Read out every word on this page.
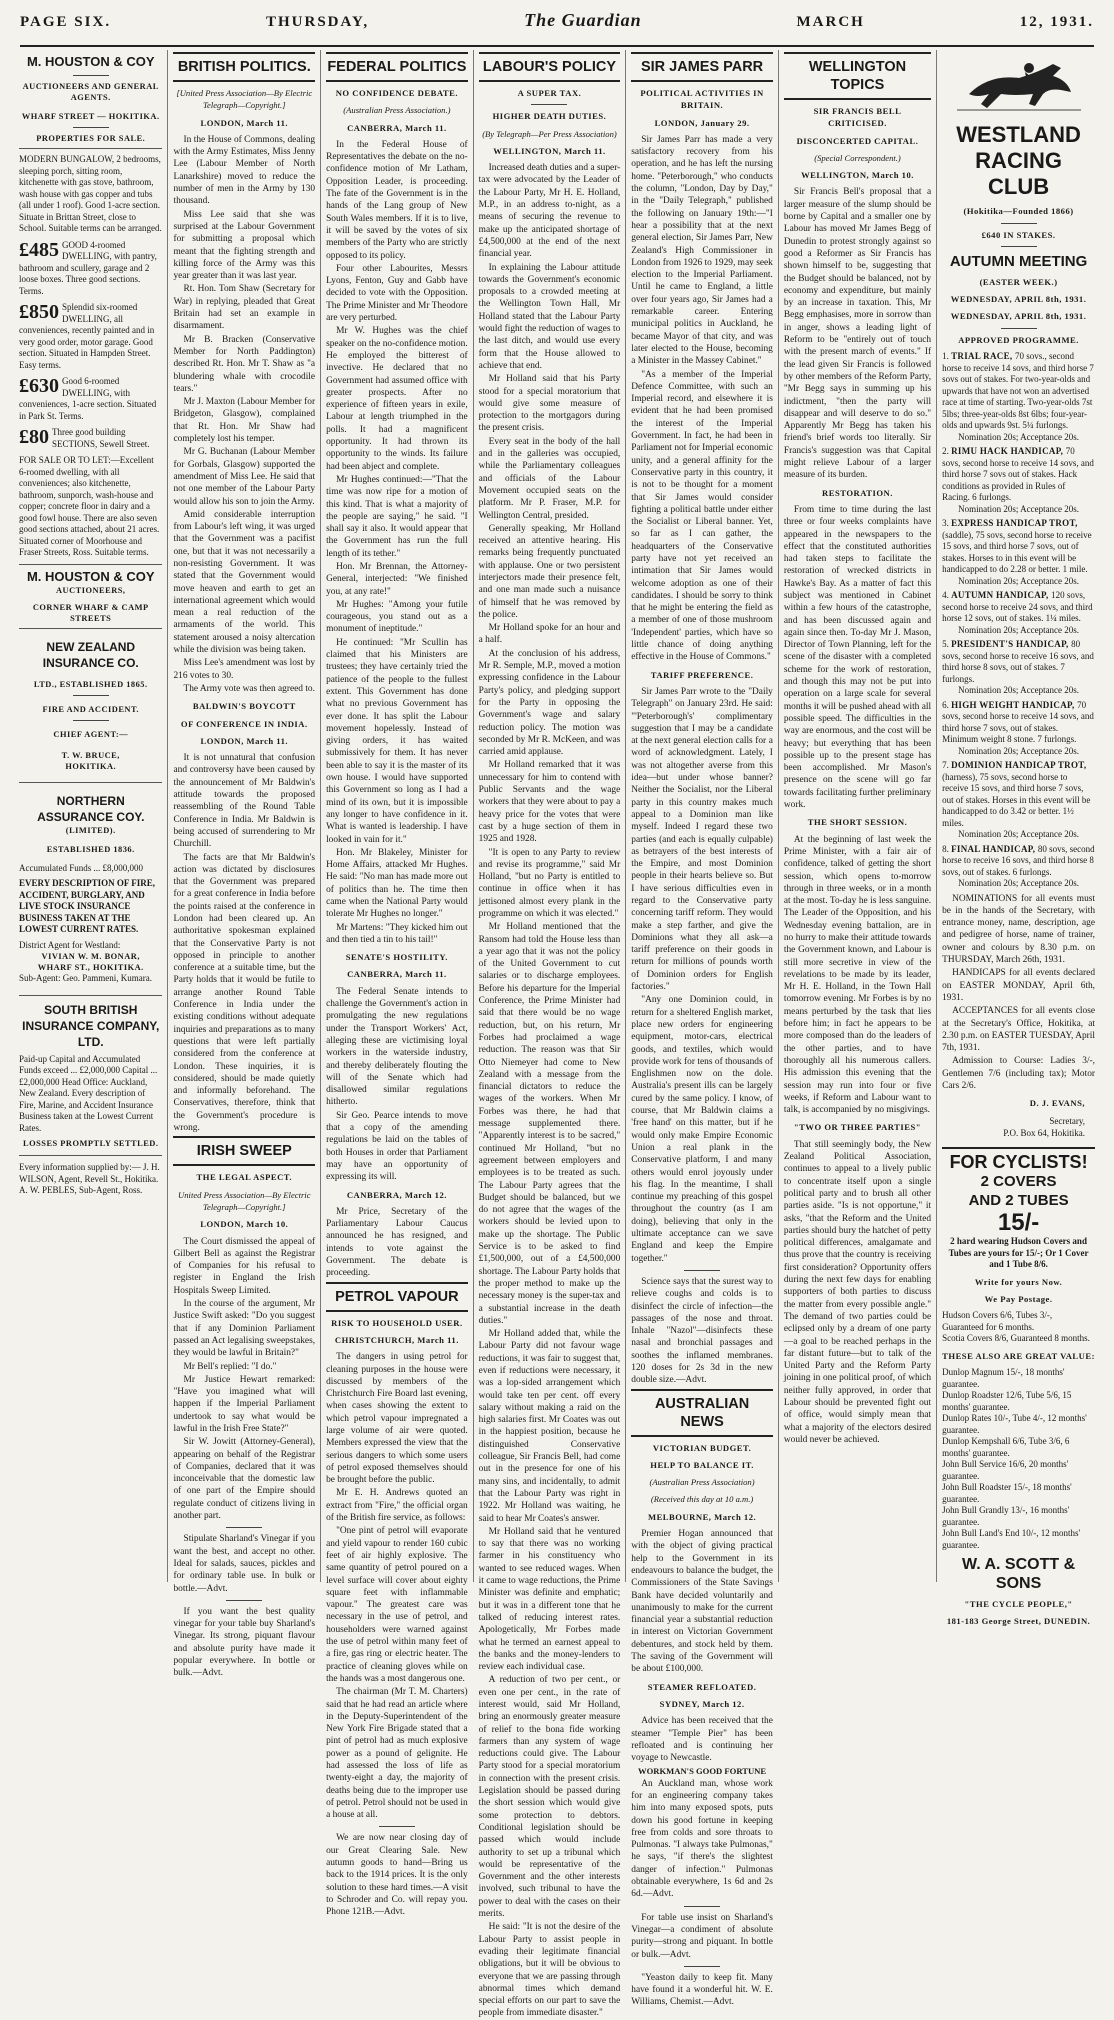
PAGE SIX.	THURSDAY,	The Guardian	MARCH	12, 1931.
M. HOUSTON & COY
AUCTIONEERS AND GENERAL AGENTS.
WHARF STREET — HOKITIKA.
PROPERTIES FOR SALE.
MODERN BUNGALOW, 2 bedrooms, sleeping porch, sitting room, kitchenette with gas stove, bathroom, wash house with gas copper and tubs (all under 1 roof). Good 1-acre section. Situate in Brittan Street, close to School. Suitable terms can be arranged.
£485 GOOD 4-roomed DWELLING, with pantry, bathroom and scullery, garage and 2 loose boxes. Three good sections. Terms.
£850 Splendid six-roomed DWELLING, all conveniences, recently painted and in very good order, motor garage. Good section. Situated in Hampden Street. Easy terms.
£630 Good 6-roomed DWELLING, with conveniences, 1-acre section. Situated in Park St. Terms.
£80 Three good building SECTIONS, Sewell Street.
FOR SALE OR TO LET:—Excellent 6-roomed dwelling, with all conveniences; also kitchenette, bathroom, sunporch, wash-house and copper; concrete floor in dairy and a good fowl house. There are also seven good sections attached, about 21 acres. Situated corner of Moorhouse and Fraser Streets, Ross. Suitable terms.
M. HOUSTON & COY
AUCTIONEERS,
CORNER WHARF & CAMP STREETS
NEW ZEALAND INSURANCE CO.
LTD., ESTABLISHED 1865.
FIRE AND ACCIDENT.
CHIEF AGENT:—
T. W. BRUCE,
HOKITIKA.
NORTHERN ASSURANCE COY.
(LIMITED).
ESTABLISHED 1836.
Accumulated Funds ... £8,000,000
EVERY DESCRIPTION OF FIRE, ACCIDENT, BURGLARY, AND LIVE STOCK INSURANCE BUSINESS TAKEN AT THE LOWEST CURRENT RATES.
District Agent for Westland:
VIVIAN W. M. BONAR,
WHARF ST., HOKITIKA.
Sub-Agent: Geo. Pammeni, Kumara.
SOUTH BRITISH INSURANCE COMPANY, LTD.
Paid-up Capital and Accumulated Funds exceed ... £2,000,000 Capital ... £2,000,000 Head Office: Auckland, New Zealand. Every description of Fire, Marine, and Accident Insurance Business taken at the Lowest Current Rates.
LOSSES PROMPTLY SETTLED.
Every information supplied by:— J. H. WILSON, Agent, Revell St., Hokitika. A. W. PEBLES, Sub-Agent, Ross.
BRITISH POLITICS.
[United Press Association—By Electric Telegraph—Copyright.]
LONDON, March 11.

In the House of Commons, dealing with the Army Estimates, Miss Jenny Lee (Labour Member of North Lanarkshire) moved to reduce the number of men in the Army by 130 thousand.

Miss Lee said that she was surprised at the Labour Government for submitting a proposal which meant that the fighting strength and killing force of the Army was this year greater than it was last year.

Rt. Hon. Tom Shaw (Secretary for War) in replying, pleaded that Great Britain had set an example in disarmament.

Mr B. Bracken (Conservative Member for North Paddington) described Rt. Hon. Mr T. Shaw as "a blundering whale with crocodile tears."

Mr J. Maxton (Labour Member for Bridgeton, Glasgow), complained that Rt. Hon. Mr Shaw had completely lost his temper.

Mr G. Buchanan (Labour Member for Gorbals, Glasgow) supported the amendment of Miss Lee. He said that not one member of the Labour Party would allow his son to join the Army.

Amid considerable interruption from Labour's left wing, it was urged that the Government was a pacifist one, but that it was not necessarily a non-resisting Government. It was stated that the Government would move heaven and earth to get an international agreement which would mean a real reduction of the armaments of the world. This statement aroused a noisy altercation while the division was being taken.

Miss Lee's amendment was lost by 216 votes to 30.

The Army vote was then agreed to.

BALDWIN'S BOYCOTT
OF CONFERENCE IN INDIA.
LONDON, March 11.

It is not unnatural that confusion and controversy have been caused by the announcement of Mr Baldwin's attitude towards the proposed reassembling of the Round Table Conference in India. Mr Baldwin is being accused of surrendering to Mr Churchill.

The facts are that Mr Baldwin's action was dictated by disclosures that the Government was prepared for a great conference in India before the points raised at the conference in London had been cleared up. An authoritative spokesman explained that the Conservative Party is not opposed in principle to another conference at a suitable time, but the Party holds that it would be futile to arrange another Round Table Conference in India under the existing conditions without adequate inquiries and preparations as to many questions that were left partially considered from the conference at London. These inquiries, it is considered, should be made quietly and informally beforehand. The Conservatives, therefore, think that the Government's procedure is wrong.

IRISH SWEEP
THE LEGAL ASPECT.
United Press Association—By Electric Telegraph—Copyright.]
LONDON, March 10.

The Court dismissed the appeal of Gilbert Bell as against the Registrar of Companies for his refusal to register in England the Irish Hospitals Sweep Limited.

In the course of the argument, Mr Justice Swift asked: "Do you suggest that if any Dominion Parliament passed an Act legalising sweepstakes, they would be lawful in Britain?"

Mr Bell's replied: "I do."

Mr Justice Hewart remarked: "Have you imagined what will happen if the Imperial Parliament undertook to say what would be lawful in the Irish Free State?"

Sir W. Jowitt (Attorney-General), appearing on behalf of the Registrar of Companies, declared that it was inconceivable that the domestic law of one part of the Empire should regulate conduct of citizens living in another part.

Stipulate Sharland's Vinegar if you want the best, and accept no other. Ideal for salads, sauces, pickles and for ordinary table use. In bulk or bottle.—Advt.

If you want the best quality vinegar for your table buy Sharland's Vinegar. Its strong, piquant flavour and absolute purity have made it popular everywhere. In bottle or bulk.—Advt.

FEDERAL POLITICS
NO CONFIDENCE DEBATE.
(Australian Press Association.)
CANBERRA, March 11.

In the Federal House of Representatives the debate on the no-confidence motion of Mr Latham, Opposition Leader, is proceeding. The fate of the Government is in the hands of the Lang group of New South Wales members. If it is to live, it will be saved by the votes of six members of the Party who are strictly opposed to its policy.

Four other Labourites, Messrs Lyons, Fenton, Guy and Gabb have decided to vote with the Opposition. The Prime Minister and Mr Theodore are very perturbed.

Mr W. Hughes was the chief speaker on the no-confidence motion. He employed the bitterest of invective. He declared that no Government had assumed office with greater prospects. After no experience of fifteen years in exile, Labour at length triumphed in the polls. It had a magnificent opportunity. It had thrown its opportunity to the winds. Its failure had been abject and complete.

Mr Hughes continued:—"That the time was now ripe for a motion of this kind. That is what a majority of the people are saying," he said. "I shall say it also. It would appear that the Government has run the full length of its tether."

Hon. Mr Brennan, the Attorney-General, interjected: "We finished you, at any rate!"

Mr Hughes: "Among your futile courageous, you stand out as a monument of ineptitude."

He continued: "Mr Scullin has claimed that his Ministers are trustees; they have certainly tried the patience of the people to the fullest extent. This Government has done what no previous Government has ever done. It has split the Labour movement hopelessly. Instead of giving orders, it has waited submissively for them. It has never been able to say it is the master of its own house. I would have supported this Government so long as I had a mind of its own, but it is impossible any longer to have confidence in it. What is wanted is leadership. I have looked in vain for it."

Hon. Mr Blakeley, Minister for Home Affairs, attacked Mr Hughes. He said: "No man has made more out of politics than he. The time then came when the National Party would tolerate Mr Hughes no longer."

Mr Martens: "They kicked him out and then tied a tin to his tail!"

SENATE'S HOSTILITY.
CANBERRA, March 11.

The Federal Senate intends to challenge the Government's action in promulgating the new regulations under the Transport Workers' Act, alleging these are victimising loyal workers in the waterside industry, and thereby deliberately flouting the will of the Senate which had disallowed similar regulations hitherto.

Sir Geo. Pearce intends to move that a copy of the amending regulations be laid on the tables of both Houses in order that Parliament may have an opportunity of expressing its will.

CANBERRA, March 12.

Mr Price, Secretary of the Parliamentary Labour Caucus announced he has resigned, and intends to vote against the Government. The debate is proceeding.

PETROL VAPOUR
RISK TO HOUSEHOLD USER.
CHRISTCHURCH, March 11.

The dangers in using petrol for cleaning purposes in the house were discussed by members of the Christchurch Fire Board last evening, when cases showing the extent to which petrol vapour impregnated a large volume of air were quoted. Members expressed the view that the serious dangers to which some users of petrol exposed themselves should be brought before the public.

Mr E. H. Andrews quoted an extract from "Fire," the official organ of the British fire service, as follows:

"One pint of petrol will evaporate and yield vapour to render 160 cubic feet of air highly explosive. The same quantity of petrol poured on a level surface will cover about eighty square feet with inflammable vapour." The greatest care was necessary in the use of petrol, and householders were warned against the use of petrol within many feet of a fire, gas ring or electric heater. The practice of cleaning gloves while on the hands was a most dangerous one.

The chairman (Mr T. M. Charters) said that he had read an article where in the Deputy-Superintendent of the New York Fire Brigade stated that a pint of petrol had as much explosive power as a pound of gelignite. He had assessed the loss of life as twenty-eight a day, the majority of deaths being due to the improper use of petrol. Petrol should not be used in a house at all.

We are now near closing day of our Great Clearing Sale. New autumn goods to hand—Bring us back to the 1914 prices. It is the only solution to these hard times.—A visit to Schroder and Co. will repay you. Phone 121B.—Advt.

LABOUR'S POLICY
A SUPER TAX.
HIGHER DEATH DUTIES.
(By Telegraph—Per Press Association)
WELLINGTON, March 11.

Increased death duties and a super-tax were advocated by the Leader of the Labour Party, Mr H. E. Holland, M.P., in an address to-night, as a means of securing the revenue to make up the anticipated shortage of £4,500,000 at the end of the next financial year.

In explaining the Labour attitude towards the Government's economic proposals to a crowded meeting at the Wellington Town Hall, Mr Holland stated that the Labour Party would fight the reduction of wages to the last ditch, and would use every form that the House allowed to achieve that end.

Mr Holland said that his Party stood for a special moratorium that would give some measure of protection to the mortgagors during the present crisis.

Every seat in the body of the hall and in the galleries was occupied, while the Parliamentary colleagues and officials of the Labour Movement occupied seats on the platform. Mr P. Fraser, M.P. for Wellington Central, presided.

Generally speaking, Mr Holland received an attentive hearing. His remarks being frequently punctuated with applause. One or two persistent interjectors made their presence felt, and one man made such a nuisance of himself that he was removed by the police.

Mr Holland spoke for an hour and a half.

At the conclusion of his address, Mr R. Semple, M.P., moved a motion expressing confidence in the Labour Party's policy, and pledging support for the Party in opposing the Government's wage and salary reduction policy. The motion was seconded by Mr R. McKeen, and was carried amid applause.

Mr Holland remarked that it was unnecessary for him to contend with Public Servants and the wage workers that they were about to pay a heavy price for the votes that were cast by a huge section of them in 1925 and 1928.

"It is open to any Party to review and revise its programme," said Mr Holland, "but no Party is entitled to continue in office when it has jettisoned almost every plank in the programme on which it was elected."

Mr Holland mentioned that the Ransom had told the House less than a year ago that it was not the policy of the United Government to cut salaries or to discharge employees. Before his departure for the Imperial Conference, the Prime Minister had said that there would be no wage reduction, but, on his return, Mr Forbes had proclaimed a wage reduction. The reason was that Sir Otto Niemeyer had come to New Zealand with a message from the financial dictators to reduce the wages of the workers. When Mr Forbes was there, he had that message supplemented there. "Apparently interest is to be sacred," continued Mr Holland, "but no agreement between employers and employees is to be treated as such. The Labour Party agrees that the Budget should be balanced, but we do not agree that the wages of the workers should be levied upon to make up the shortage. The Public Service is to be asked to find £1,500,000, out of a £4,500,000 shortage. The Labour Party holds that the proper method to make up the necessary money is the super-tax and a substantial increase in the death duties."

Mr Holland added that, while the Labour Party did not favour wage reductions, it was fair to suggest that, even if reductions were necessary, it was a lop-sided arrangement which would take ten per cent. off every salary without making a raid on the high salaries first. Mr Coates was out in the happiest position, because he distinguished Conservative colleague, Sir Francis Bell, had come out in the presence for one of his many sins, and incidentally, to admit that the Labour Party was right in 1922. Mr Holland was waiting, he said to hear Mr Coates's answer.

Mr Holland said that he ventured to say that there was no working farmer in his constituency who wanted to see reduced wages. When it came to wage reductions, the Prime Minister was definite and emphatic; but it was in a different tone that he talked of reducing interest rates. Apologetically, Mr Forbes made what he termed an earnest appeal to the banks and the money-lenders to review each individual case.

A reduction of two per cent., or even one per cent., in the rate of interest would, said Mr Holland, bring an enormously greater measure of relief to the bona fide working farmers than any system of wage reductions could give. The Labour Party stood for a special moratorium in connection with the present crisis. Legislation should be passed during the short session which would give some protection to debtors. Conditional legislation should be passed which would include authority to set up a tribunal which would be representative of the Government and the other interests involved, such tribunal to have the power to deal with the cases on their merits.

He said: "It is not the desire of the Labour Party to assist people in evading their legitimate financial obligations, but it will be obvious to everyone that we are passing through abnormal times which demand special efforts on our part to save the people from immediate disaster."

SIR JAMES PARR
POLITICAL ACTIVITIES IN BRITAIN.
LONDON, January 29.

Sir James Parr has made a very satisfactory recovery from his operation, and he has left the nursing home. "Peterborough," who conducts the column, "London, Day by Day," in the "Daily Telegraph," published the following on January 19th:—"I hear a possibility that at the next general election, Sir James Parr, New Zealand's High Commissioner in London from 1926 to 1929, may seek election to the Imperial Parliament. Until he came to England, a little over four years ago, Sir James had a remarkable career. Entering municipal politics in Auckland, he became Mayor of that city, and was later elected to the House, becoming a Minister in the Massey Cabinet."

"As a member of the Imperial Defence Committee, with such an Imperial record, and elsewhere it is evident that he had been promised the interest of the Imperial Government. In fact, he had been in Parliament not for Imperial economic unity, and a general affinity for the Conservative party in this country, it is not to be thought for a moment that Sir James would consider fighting a political battle under either the Socialist or Liberal banner. Yet, so far as I can gather, the headquarters of the Conservative party have not yet received an intimation that Sir James would welcome adoption as one of their candidates. I should be sorry to think that he might be entering the field as a member of one of those mushroom 'Independent' parties, which have so little chance of doing anything effective in the House of Commons."

TARIFF PREFERENCE.

Sir James Parr wrote to the "Daily Telegraph" on January 23rd. He said: "'Peterborough's' complimentary suggestion that I may be a candidate at the next general election calls for a word of acknowledgment. Lately, I was not altogether averse from this idea—but under whose banner? Neither the Socialist, nor the Liberal party in this country makes much appeal to a Dominion man like myself. Indeed I regard these two parties (and each is equally culpable) as betrayers of the best interests of the Empire, and most Dominion people in their hearts believe so. But I have serious difficulties even in regard to the Conservative party concerning tariff reform. They would make a step farther, and give the Dominions what they all ask—a tariff preference on their goods in return for millions of pounds worth of Dominion orders for English factories."

"Any one Dominion could, in return for a sheltered English market, place new orders for engineering equipment, motor-cars, electrical goods, and textiles, which would provide work for tens of thousands of Englishmen now on the dole. Australia's present ills can be largely cured by the same policy. I know, of course, that Mr Baldwin claims a 'free hand' on this matter, but if he would only make Empire Economic Union a real plank in the Conservative platform, I and many others would enrol joyously under his flag. In the meantime, I shall continue my preaching of this gospel throughout the country (as I am doing), believing that only in the ultimate acceptance can we save England and keep the Empire together."

Science says that the surest way to relieve coughs and colds is to disinfect the circle of infection—the passages of the nose and throat. Inhale "Nazol"—disinfects these nasal and bronchial passages and soothes the inflamed membranes. 120 doses for 2s 3d in the new double size.—Advt.

AUSTRALIAN NEWS
VICTORIAN BUDGET.
HELP TO BALANCE IT.
(Australian Press Association)
(Received this day at 10 a.m.)
MELBOURNE, March 12.

Premier Hogan announced that with the object of giving practical help to the Government in its endeavours to balance the budget, the Commissioners of the State Savings Bank have decided voluntarily and unanimously to make for the current financial year a substantial reduction in interest on Victorian Government debentures, and stock held by them. The saving of the Government will be about £100,000.

STEAMER REFLOATED.
SYDNEY, March 12.

Advice has been received that the steamer "Temple Pier" has been refloated and is continuing her voyage to Newcastle.

WORKMAN'S GOOD FORTUNE

An Auckland man, whose work for an engineering company takes him into many exposed spots, puts down his good fortune in keeping free from colds and sore throats to Pulmonas. "I always take Pulmonas," he says, "if there's the slightest danger of infection." Pulmonas obtainable everywhere, 1s 6d and 2s 6d.—Advt.

For table use insist on Sharland's Vinegar—a condiment of absolute purity—strong and piquant. In bottle or bulk.—Advt.

"Yeaston daily to keep fit. Many have found it a wonderful hit. W. E. Williams, Chemist.—Advt.

WELLINGTON TOPICS
SIR FRANCIS BELL CRITICISED.
DISCONCERTED CAPITAL.
(Special Correspondent.)
WELLINGTON, March 10.

Sir Francis Bell's proposal that a larger measure of the slump should be borne by Capital and a smaller one by Labour has moved Mr James Begg of Dunedin to protest strongly against so good a Reformer as Sir Francis has shown himself to be, suggesting that the Budget should be balanced, not by economy and expenditure, but mainly by an increase in taxation. This, Mr Begg emphasises, more in sorrow than in anger, shows a leading light of Reform to be "entirely out of touch with the present march of events." If the lead given Sir Francis is followed by other members of the Reform Party, "Mr Begg says in summing up his indictment, "then the party will disappear and will deserve to do so." Apparently Mr Begg has taken his friend's brief words too literally. Sir Francis's suggestion was that Capital might relieve Labour of a larger measure of its burden.

RESTORATION.

From time to time during the last three or four weeks complaints have appeared in the newspapers to the effect that the constituted authorities had taken steps to facilitate the restoration of wrecked districts in Hawke's Bay. As a matter of fact this subject was mentioned in Cabinet within a few hours of the catastrophe, and has been discussed again and again since then. To-day Mr J. Mason, Director of Town Planning, left for the scene of the disaster with a completed scheme for the work of restoration, and though this may not be put into operation on a large scale for several months it will be pushed ahead with all possible speed. The difficulties in the way are enormous, and the cost will be heavy; but everything that has been possible up to the present stage has been accomplished. Mr Mason's presence on the scene will go far towards facilitating further preliminary work.

THE SHORT SESSION.

At the beginning of last week the Prime Minister, with a fair air of confidence, talked of getting the short session, which opens to-morrow through in three weeks, or in a month at the most. To-day he is less sanguine. The Leader of the Opposition, and his Wednesday evening battalion, are in no hurry to make their attitude towards the Government known, and Labour is still more secretive in view of the revelations to be made by its leader, Mr H. E. Holland, in the Town Hall tomorrow evening. Mr Forbes is by no means perturbed by the task that lies before him; in fact he appears to be more composed than do the leaders of the other parties, and to have thoroughly all his numerous callers. His admission this evening that the session may run into four or five weeks, if Reform and Labour want to talk, is accompanied by no misgivings.

"TWO OR THREE PARTIES"

That still seemingly body, the New Zealand Political Association, continues to appeal to a lively public to concentrate itself upon a single political party and to brush all other parties aside. "Is is not opportune," it asks, "that the Reform and the United parties should bury the hatchet of petty political differences, amalgamate and thus prove that the country is receiving first consideration? Opportunity offers during the next few days for enabling supporters of both parties to discuss the matter from every possible angle." The demand of two parties could be eclipsed only by a dream of one party—a goal to be reached perhaps in the far distant future—but to talk of the United Party and the Reform Party joining in one political proof, of which neither fully approved, in order that Labour should be prevented fight out of office, would simply mean that what a majority of the electors desired would never be achieved.

WESTLAND RACING CLUB
(Hokitika—Founded 1866)
£640 IN STAKES.
AUTUMN MEETING
(EASTER WEEK.)
WEDNESDAY, APRIL 8th, 1931.
WEDNESDAY, APRIL 8th, 1931.
APPROVED PROGRAMME.
1. TRIAL RACE, 70 sovs., second horse to receive 14 sovs, and third horse 7 sovs out of stakes. For two-year-olds and upwards that have not won an advertised race at time of starting. Two-year-olds 7st 5lbs; three-year-olds 8st 6lbs; four-year-olds and upwards 9st. 5¼ furlongs.
Nomination 20s; Acceptance 20s.
2. RIMU HACK HANDICAP, 70 sovs, second horse to receive 14 sovs, and third horse 7 sovs out of stakes. Hack conditions as provided in Rules of Racing. 6 furlongs.
Nomination 20s; Acceptance 20s.
3. EXPRESS HANDICAP TROT, (saddle), 75 sovs, second horse to receive 15 sovs, and third horse 7 sovs, out of stakes. Horses to in this event will be handicapped to do 2.28 or better. 1 mile.
Nomination 20s; Acceptance 20s.
4. AUTUMN HANDICAP, 120 sovs, second horse to receive 24 sovs, and third horse 12 sovs, out of stakes. 1¼ miles.
Nomination 20s; Acceptance 20s.
5. PRESIDENT'S HANDICAP, 80 sovs, second horse to receive 16 sovs, and third horse 8 sovs, out of stakes. 7 furlongs.
Nomination 20s; Acceptance 20s.
6. HIGH WEIGHT HANDICAP, 70 sovs, second horse to receive 14 sovs, and third horse 7 sovs, out of stakes. Minimum weight 8 stone. 7 furlongs.
Nomination 20s; Acceptance 20s.
7. DOMINION HANDICAP TROT, (harness), 75 sovs, second horse to receive 15 sovs, and third horse 7 sovs, out of stakes. Horses in this event will be handicapped to do 3.42 or better. 1½ miles.
Nomination 20s; Acceptance 20s.
8. FINAL HANDICAP, 80 sovs, second horse to receive 16 sovs, and third horse 8 sovs, out of stakes. 6 furlongs.
Nomination 20s; Acceptance 20s.

NOMINATIONS for all events must be in the hands of the Secretary, with entrance money, name, description, age and pedigree of horse, name of trainer, owner and colours by 8.30 p.m. on THURSDAY, March 26th, 1931.

HANDICAPS for all events declared on EASTER MONDAY, April 6th, 1931.

ACCEPTANCES for all events close at the Secretary's Office, Hokitika, at 2.30 p.m. on EASTER TUESDAY, April 7th, 1931.

Admission to Course: Ladies 3/-, Gentlemen 7/6 (including tax); Motor Cars 2/6.

D. J. EVANS,
Secretary,
P.O. Box 64, Hokitika.
FOR CYCLISTS!
2 COVERS
AND 2 TUBES
15/-
2 hard wearing Hudson Covers and Tubes are yours for 15/-; Or 1 Cover and 1 Tube 8/6.
Write for yours Now.
We Pay Postage.
Hudson Covers 6/6, Tubes 3/-, Guaranteed for 6 months.
Scotia Covers 8/6, Guaranteed 8 months.
THESE ALSO ARE GREAT VALUE:
Dunlop Magnum 15/-, 18 months' guarantee.
Dunlop Roadster 12/6, Tube 5/6, 15 months' guarantee.
Dunlop Rates 10/-, Tube 4/-, 12 months' guarantee.
Dunlop Kempshall 6/6, Tube 3/6, 6 months' guarantee.
John Bull Service 16/6, 20 months' guarantee.
John Bull Roadster 15/-, 18 months' guarantee.
John Bull Grandly 13/-, 16 months' guarantee.
John Bull Land's End 10/-, 12 months' guarantee.
W. A. SCOTT & SONS
"THE CYCLE PEOPLE,"
181-183 George Street, DUNEDIN.
